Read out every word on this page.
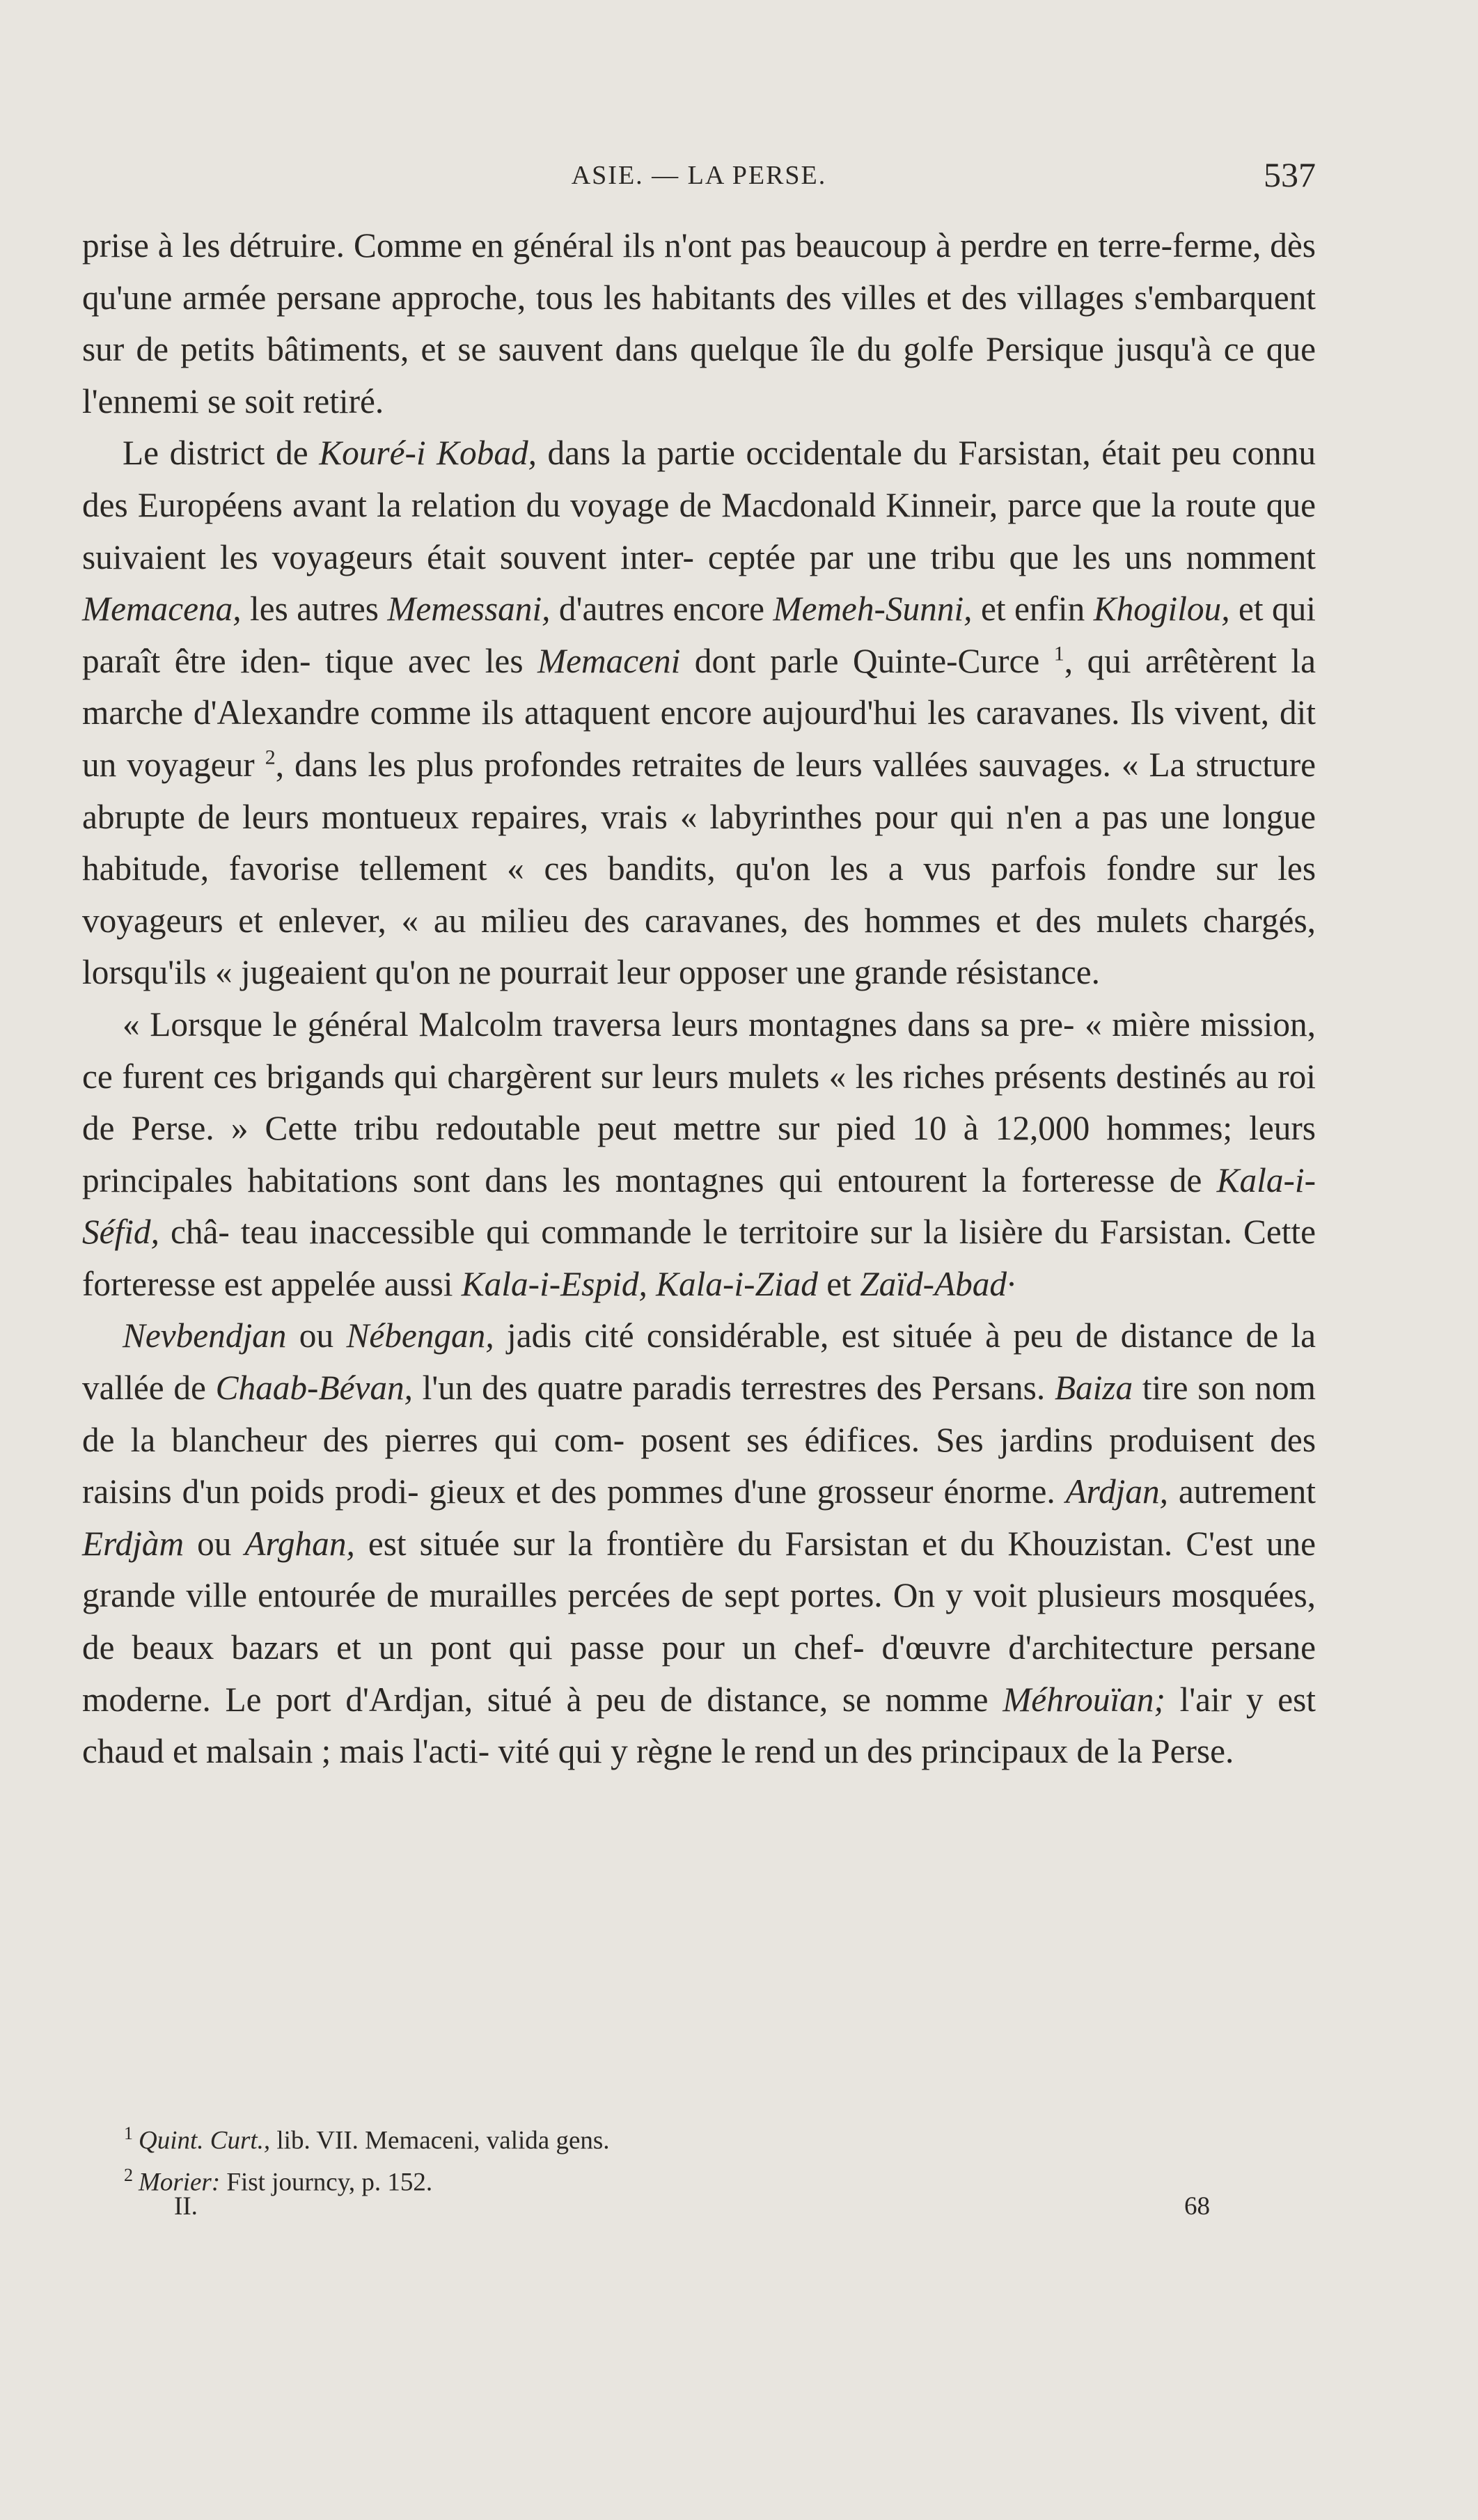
ASIE. — LA PERSE.	537

prise à les détruire. Comme en général ils n'ont pas beaucoup à perdre en terre-ferme, dès qu'une armée persane approche, tous les habitants des villes et des villages s'embarquent sur de petits bâtiments, et se sauvent dans quelque île du golfe Persique jusqu'à ce que l'ennemi se soit retiré.

Le district de Kouré-i Kobad, dans la partie occidentale du Farsistan, était peu connu des Européens avant la relation du voyage de Macdonald Kinneir, parce que la route que suivaient les voyageurs était souvent inter- ceptée par une tribu que les uns nomment Memacena, les autres Memessani, d'autres encore Memeh-Sunni, et enfin Khogilou, et qui paraît être iden- tique avec les Memaceni dont parle Quinte-Curce $^1$, qui arrêtèrent la marche d'Alexandre comme ils attaquent encore aujourd'hui les caravanes. Ils vivent, dit un voyageur $^2$, dans les plus profondes retraites de leurs vallées sauvages. « La structure abrupte de leurs montueux repaires, vrais « labyrinthes pour qui n'en a pas une longue habitude, favorise tellement « ces bandits, qu'on les a vus parfois fondre sur les voyageurs et enlever, « au milieu des caravanes, des hommes et des mulets chargés, lorsqu'ils « jugeaient qu'on ne pourrait leur opposer une grande résistance.

« Lorsque le général Malcolm traversa leurs montagnes dans sa pre- « mière mission, ce furent ces brigands qui chargèrent sur leurs mulets « les riches présents destinés au roi de Perse. » Cette tribu redoutable peut mettre sur pied 10 à 12,000 hommes; leurs principales habitations sont dans les montagnes qui entourent la forteresse de Kala-i-Séfid, châ- teau inaccessible qui commande le territoire sur la lisière du Farsistan. Cette forteresse est appelée aussi Kala-i-Espid, Kala-i-Ziad et Zaïd-Abad·

Nevbendjan ou Nébengan, jadis cité considérable, est située à peu de distance de la vallée de Chaab-Bévan, l'un des quatre paradis terrestres des Persans. Baiza tire son nom de la blancheur des pierres qui com- posent ses édifices. Ses jardins produisent des raisins d'un poids prodi- gieux et des pommes d'une grosseur énorme. Ardjan, autrement Erdjàm ou Arghan, est située sur la frontière du Farsistan et du Khouzistan. C'est une grande ville entourée de murailles percées de sept portes. On y voit plusieurs mosquées, de beaux bazars et un pont qui passe pour un chef- d'œuvre d'architecture persane moderne. Le port d'Ardjan, situé à peu de distance, se nomme Méhrouïan; l'air y est chaud et malsain ; mais l'acti- vité qui y règne le rend un des principaux de la Perse.

$^1$ Quint. Curt., lib. VII. Memaceni, valida gens.
$^2$ Morier: Fist journcy, p. 152.
II.	68
